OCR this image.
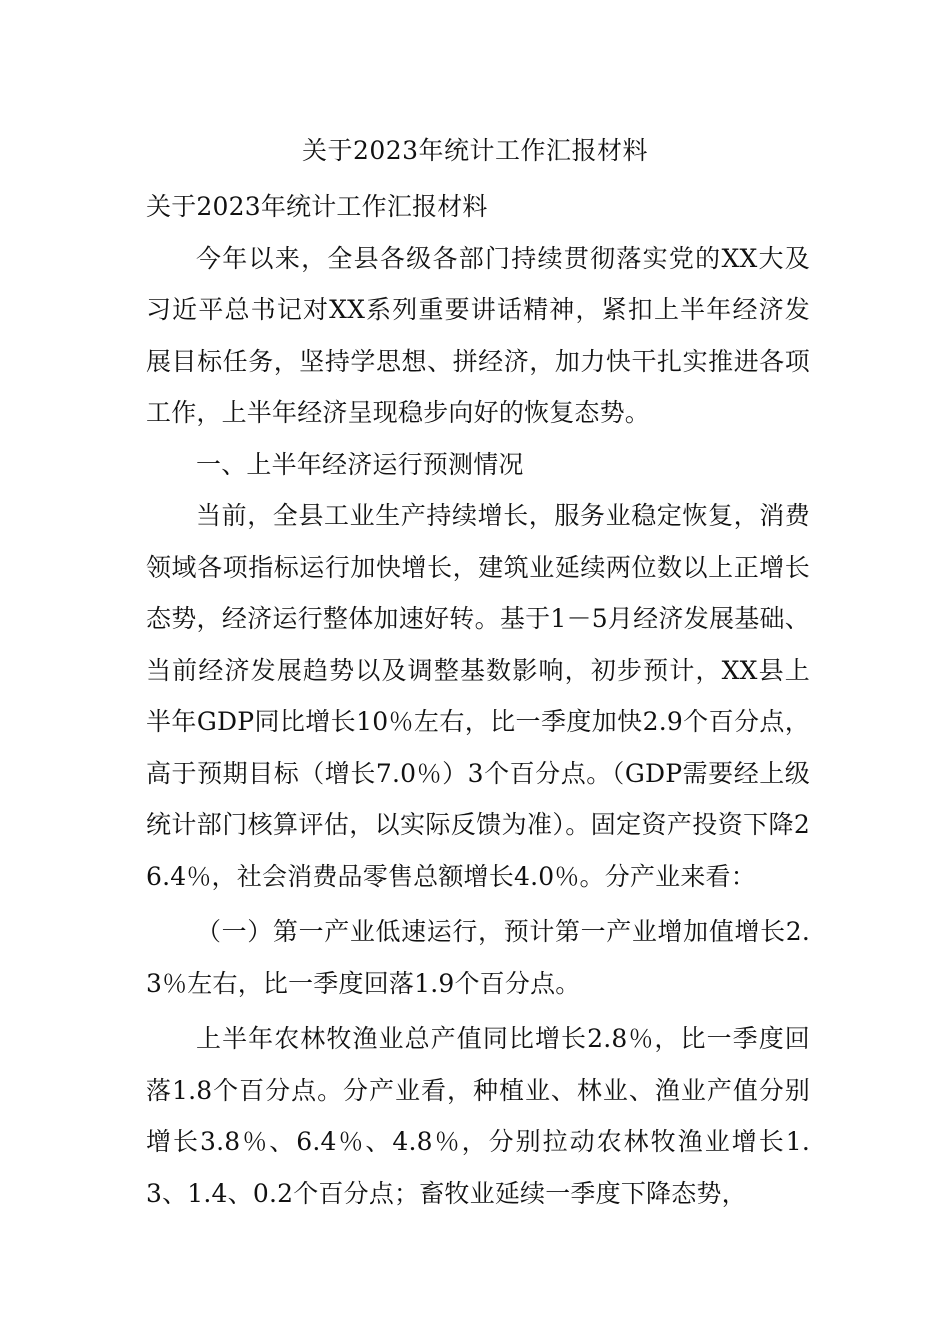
关于2023年统计工作汇报材料

关于2023年统计工作汇报材料

今年以来，全县各级各部门持续贯彻落实党的XX大及习近平总书记对XX系列重要讲话精神，紧扣上半年经济发展目标任务，坚持学思想、拼经济，加力快干扎实推进各项工作，上半年经济呈现稳步向好的恢复态势。

一、上半年经济运行预测情况

当前，全县工业生产持续增长，服务业稳定恢复，消费领域各项指标运行加快增长，建筑业延续两位数以上正增长态势，经济运行整体加速好转。基于1－5月经济发展基础、当前经济发展趋势以及调整基数影响，初步预计，XX县上半年GDP同比增长10％左右，比一季度加快2.9个百分点，高于预期目标（增长7.0％）3个百分点。（GDP需要经上级统计部门核算评估，以实际反馈为准）。固定资产投资下降26.4％，社会消费品零售总额增长4.0％。分产业来看：

（一）第一产业低速运行，预计第一产业增加值增长2.3％左右，比一季度回落1.9个百分点。

上半年农林牧渔业总产值同比增长2.8％，比一季度回落1.8个百分点。分产业看，种植业、林业、渔业产值分别增长3.8％、6.4％、4.8％，分别拉动农林牧渔业增长1.3、1.4、0.2个百分点；畜牧业延续一季度下降态势，
